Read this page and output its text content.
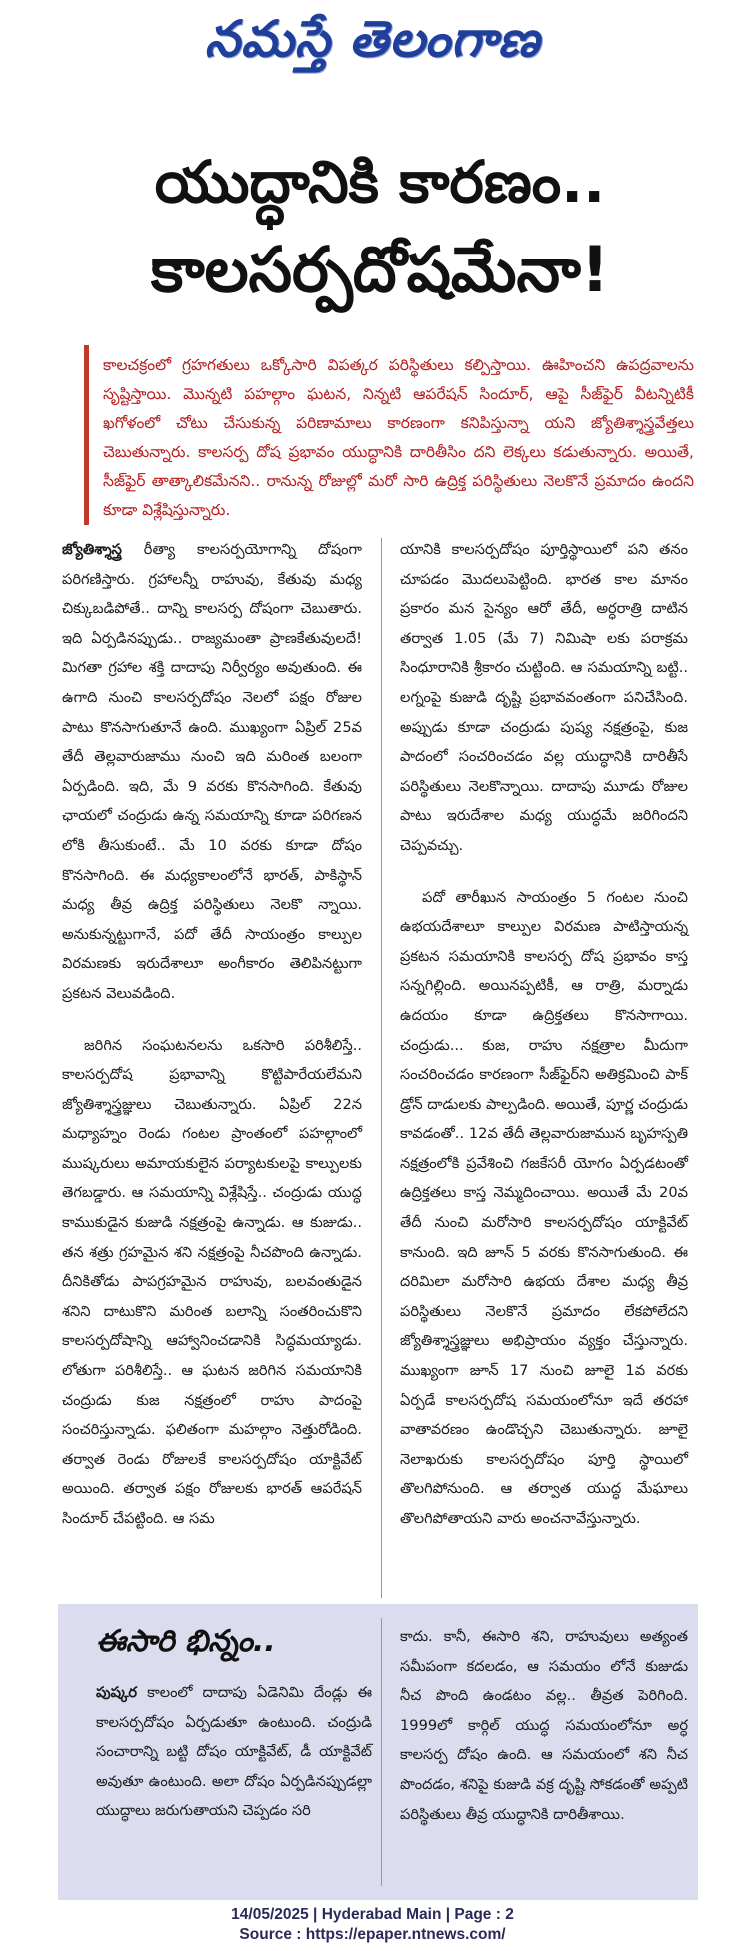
నమస్తే తెలంగాణ
యుద్ధానికి కారణం..
కాలసర్పదోషమేనా!
కాలచక్రంలో గ్రహగతులు ఒక్కోసారి విపత్కర పరిస్థితులు కల్పిస్తాయి. ఊహించని ఉపద్రవాలను సృష్టిస్తాయి. మొన్నటి పహల్గాం ఘటన, నిన్నటి ఆపరేషన్ సిందూర్, ఆపై సీజ్‌ఫైర్ వీటన్నిటికీ ఖగోళంలో చోటు చేసుకున్న పరిణామాలు కారణంగా కనిపిస్తున్నా యని జ్యోతిశ్శాస్త్రవేత్తలు చెబుతున్నారు. కాలసర్ప దోష ప్రభావం యుద్ధానికి దారితీసిం దని లెక్కలు కడుతున్నారు. అయితే, సీజ్‌ఫైర్ తాత్కాలికమేనని.. రానున్న రోజుల్లో మరో సారి ఉద్రిక్త పరిస్థితులు నెలకొనే ప్రమాదం ఉందని కూడా విశ్లేషిస్తున్నారు.

జ్యోతిశ్శాస్త్ర రీత్యా కాలసర్పయోగాన్ని దోషంగా పరిగణిస్తారు. గ్రహాలన్నీ రాహువు, కేతువు మధ్య చిక్కుబడిపోతే.. దాన్ని కాలసర్ప దోషంగా చెబుతారు. ఇది ఏర్పడినప్పుడు.. రాజ్యమంతా ప్రాణకేతువులదే! మిగతా గ్రహాల శక్తి దాదాపు నిర్వీర్యం అవుతుంది. ఈ ఉగాది నుంచి కాలసర్పదోషం నెలలో పక్షం రోజుల పాటు కొనసాగుతూనే ఉంది. ముఖ్యంగా ఏప్రిల్ 25వ తేదీ తెల్లవారుజాము నుంచి ఇది మరింత బలంగా ఏర్పడింది. ఇది, మే 9 వరకు కొనసాగింది. కేతువు ఛాయలో చంద్రుడు ఉన్న సమయాన్ని కూడా పరిగణన లోకి తీసుకుంటే.. మే 10 వరకు కూడా దోషం కొనసాగింది. ఈ మధ్యకాలంలోనే భారత్, పాకిస్థాన్ మధ్య తీవ్ర ఉద్రిక్త పరిస్థితులు నెలకొ న్నాయి. అనుకున్నట్టుగానే, పదో తేదీ సాయంత్రం కాల్పుల విరమణకు ఇరుదేశాలూ అంగీకారం తెలిపినట్టుగా ప్రకటన వెలువడింది.

జరిగిన సంఘటనలను ఒకసారి పరిశీలిస్తే.. కాలసర్పదోష ప్రభావాన్ని కొట్టిపారేయలేమని జ్యోతిశ్శాస్త్రజ్ఞులు చెబుతున్నారు. ఏప్రిల్ 22న మధ్యాహ్నం రెండు గంటల ప్రాంతంలో పహల్గాంలో ముష్కరులు అమాయకులైన పర్యాటకులపై కాల్పులకు తెగబడ్డారు. ఆ సమయాన్ని విశ్లేషిస్తే.. చంద్రుడు యుద్ధ కాముకుడైన కుజుడి నక్షత్రంపై ఉన్నాడు. ఆ కుజుడు.. తన శత్రు గ్రహమైన శని నక్షత్రంపై నీచపొంది ఉన్నాడు. దీనికితోడు పాపగ్రహమైన రాహువు, బలవంతుడైన శనిని దాటుకొని మరింత బలాన్ని సంతరించుకొని కాలసర్పదోషాన్ని ఆహ్వానించడానికి సిద్ధమయ్యాడు. లోతుగా పరిశీలిస్తే.. ఆ ఘటన జరిగిన సమయానికి చంద్రుడు కుజ నక్షత్రంలో రాహు పాదంపై సంచరిస్తున్నాడు. ఫలితంగా మహల్గాం నెత్తురోడింది. తర్వాత రెండు రోజులకే కాలసర్పదోషం యాక్టివేట్ అయింది. తర్వాత పక్షం రోజులకు భారత్ ఆపరేషన్ సిందూర్ చేపట్టింది. ఆ సమ

యానికి కాలసర్పదోషం పూర్తిస్థాయిలో పని తనం చూపడం మొదలుపెట్టింది. భారత కాల మానం ప్రకారం మన సైన్యం ఆరో తేదీ, అర్ధరాత్రి దాటిన తర్వాత 1.05 (మే 7) నిమిషా లకు పరాక్రమ సింధూరానికి శ్రీకారం చుట్టింది. ఆ సమయాన్ని బట్టి.. లగ్నంపై కుజుడి దృష్టి ప్రభావవంతంగా పనిచేసింది. అప్పుడు కూడా చంద్రుడు పుష్య నక్షత్రంపై, కుజ పాదంలో సంచరించడం వల్ల యుద్ధానికి దారితీసే పరిస్థితులు నెలకొన్నాయి. దాదాపు మూడు రోజుల పాటు ఇరుదేశాల మధ్య యుద్ధమే జరిగిందని చెప్పవచ్చు.

పదో తారీఖున సాయంత్రం 5 గంటల నుంచి ఉభయదేశాలూ కాల్పుల విరమణ పాటిస్తాయన్న ప్రకటన సమయానికి కాలసర్ప దోష ప్రభావం కాస్త సన్నగిల్లింది. అయినప్పటికీ, ఆ రాత్రి, మర్నాడు ఉదయం కూడా ఉద్రిక్తతలు కొనసాగాయి. చంద్రుడు... కుజ, రాహు నక్షత్రాల మీదుగా సంచరించడం కారణంగా సీజ్‌ఫైర్‌ని అతిక్రమించి పాక్ డ్రోన్ దాడులకు పాల్పడింది. అయితే, పూర్ణ చంద్రుడు కావడంతో.. 12వ తేదీ తెల్లవారుజామున బృహస్పతి నక్షత్రంలోకి ప్రవేశించి గజకేసరీ యోగం ఏర్పడటంతో ఉద్రిక్తతలు కాస్త నెమ్మదించాయి. అయితే మే 20వ తేదీ నుంచి మరోసారి కాలసర్పదోషం యాక్టివేట్ కానుంది. ఇది జూన్ 5 వరకు కొనసాగుతుంది. ఈ దరిమిలా మరోసారి ఉభయ దేశాల మధ్య తీవ్ర పరిస్థితులు నెలకొనే ప్రమాదం లేకపోలేదని జ్యోతిశ్శాస్త్రజ్ఞులు అభిప్రాయం వ్యక్తం చేస్తున్నారు. ముఖ్యంగా జూన్ 17 నుంచి జూలై 1వ వరకు ఏర్పడే కాలసర్పదోష సమయంలోనూ ఇదే తరహా వాతావరణం ఉండొచ్చని చెబుతున్నారు. జూలై నెలాఖరుకు కాలసర్పదోషం పూర్తి స్థాయిలో తొలగిపోనుంది. ఆ తర్వాత యుద్ధ మేఘాలు తొలగిపోతాయని వారు అంచనావేస్తున్నారు.

ఈసారి భిన్నం..
పుష్కర కాలంలో దాదాపు ఏడెనిమి దేండ్లు ఈ కాలసర్పదోషం ఏర్పడుతూ ఉంటుంది. చంద్రుడి సంచారాన్ని బట్టి దోషం యాక్టివేట్, డీ యాక్టివేట్ అవుతూ ఉంటుంది. అలా దోషం ఏర్పడినప్పుడల్లా యుద్ధాలు జరుగుతాయని చెప్పడం సరి
కాదు. కానీ, ఈసారి శని, రాహువులు అత్యంత సమీపంగా కదలడం, ఆ సమయం లోనే కుజుడు నీచ పొంది ఉండటం వల్ల.. తీవ్రత పెరిగింది. 1999లో కార్గిల్ యుద్ధ సమయంలోనూ అర్ధ కాలసర్ప దోషం ఉంది. ఆ సమయంలో శని నీచ పొందడం, శనిపై కుజుడి వక్ర దృష్టి సోకడంతో అప్పటి పరిస్థితులు తీవ్ర యుద్ధానికి దారితీశాయి.
14/05/2025 | Hyderabad Main | Page : 2
Source : https://epaper.ntnews.com/
